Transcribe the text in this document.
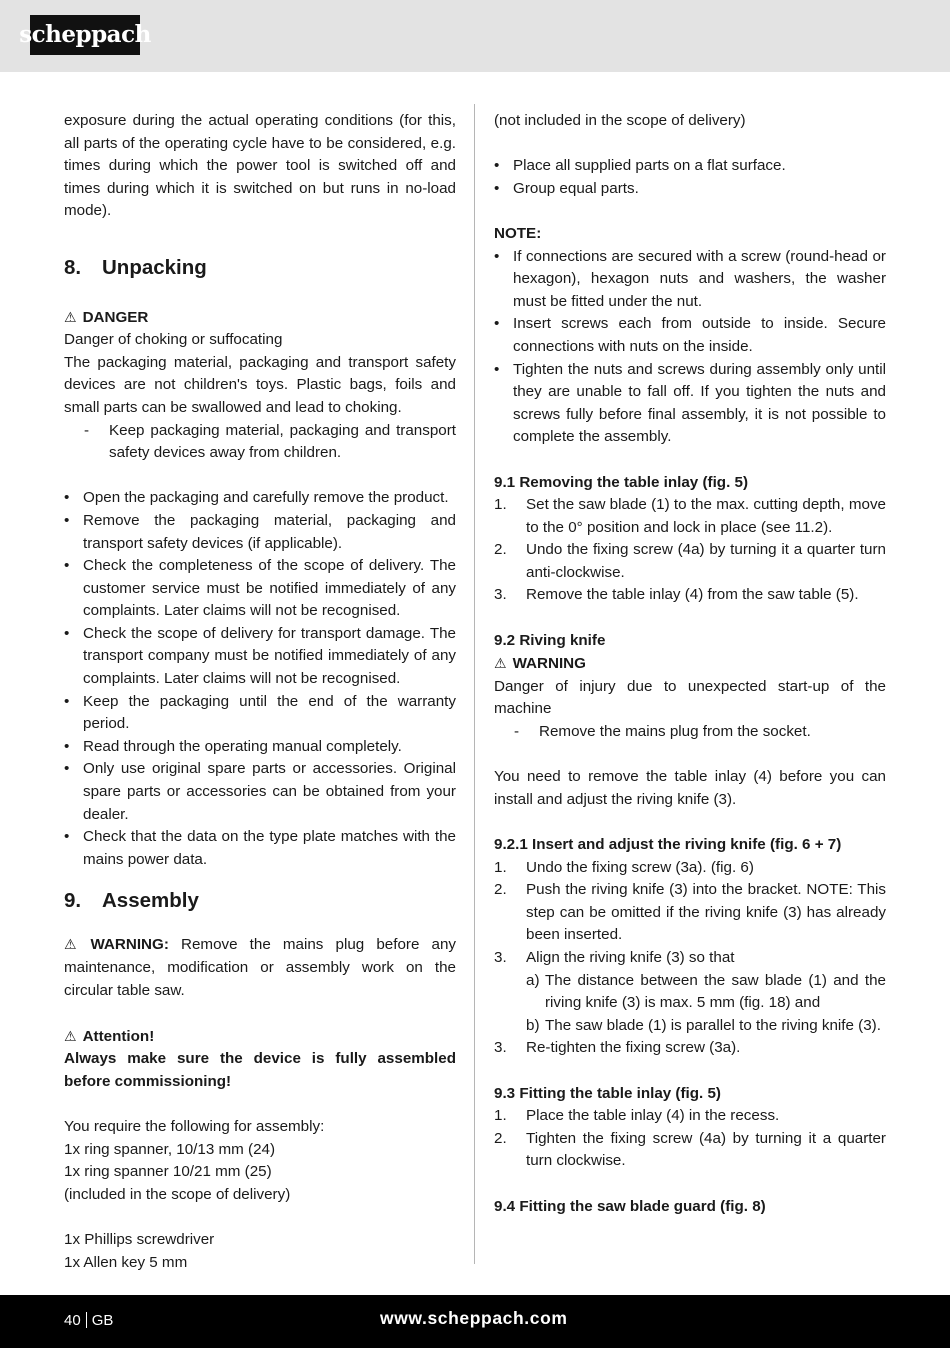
scheppach

exposure during the actual operating conditions (for this, all parts of the operating cycle have to be considered, e.g. times during which the power tool is switched off and times during which it is switched on but runs in no-load mode).

8. Unpacking

⚠ DANGER

Danger of choking or suffocating

The packaging material, packaging and transport safety devices are not children's toys. Plastic bags, foils and small parts can be swallowed and lead to choking.

- Keep packaging material, packaging and transport safety devices away from children.
• Open the packaging and carefully remove the product.
• Remove the packaging material, packaging and transport safety devices (if applicable).
• Check the completeness of the scope of delivery. The customer service must be notified immediately of any complaints. Later claims will not be recognised.
• Check the scope of delivery for transport damage. The transport company must be notified immediately of any complaints. Later claims will not be recognised.
• Keep the packaging until the end of the warranty period.
• Read through the operating manual completely.
• Only use original spare parts or accessories. Original spare parts or accessories can be obtained from your dealer.
• Check that the data on the type plate matches with the mains power data.
9. Assembly

⚠ WARNING: Remove the mains plug before any maintenance, modification or assembly work on the circular table saw.

⚠ Attention!

Always make sure the device is fully assembled before commissioning!

You require the following for assembly:

1x ring spanner, 10/13 mm (24)

1x ring spanner 10/21 mm (25)

(included in the scope of delivery)

1x Phillips screwdriver

1x Allen key 5 mm

(not included in the scope of delivery)

• Place all supplied parts on a flat surface.
• Group equal parts.

NOTE:

• If connections are secured with a screw (round-head or hexagon), hexagon nuts and washers, the washer must be fitted under the nut.
• Insert screws each from outside to inside. Secure connections with nuts on the inside.
• Tighten the nuts and screws during assembly only until they are unable to fall off. If you tighten the nuts and screws fully before final assembly, it is not possible to complete the assembly.

9.1 Removing the table inlay (fig. 5)

1. Set the saw blade (1) to the max. cutting depth, move to the 0° position and lock in place (see 11.2).
2. Undo the fixing screw (4a) by turning it a quarter turn anti-clockwise.
3. Remove the table inlay (4) from the saw table (5).

9.2 Riving knife

⚠ WARNING

Danger of injury due to unexpected start-up of the machine

- Remove the mains plug from the socket.

You need to remove the table inlay (4) before you can install and adjust the riving knife (3).

9.2.1 Insert and adjust the riving knife (fig. 6 + 7)

1. Undo the fixing screw (3a). (fig. 6)
2. Push the riving knife (3) into the bracket. NOTE: This step can be omitted if the riving knife (3) has already been inserted.
3. Align the riving knife (3) so that
a) The distance between the saw blade (1) and the riving knife (3) is max. 5 mm (fig. 18) and
b) The saw blade (1) is parallel to the riving knife (3).
3. Re-tighten the fixing screw (3a).

9.3 Fitting the table inlay (fig. 5)

1. Place the table inlay (4) in the recess.
2. Tighten the fixing screw (4a) by turning it a quarter turn clockwise.

9.4 Fitting the saw blade guard (fig. 8)

40 GB	www.scheppach.com
